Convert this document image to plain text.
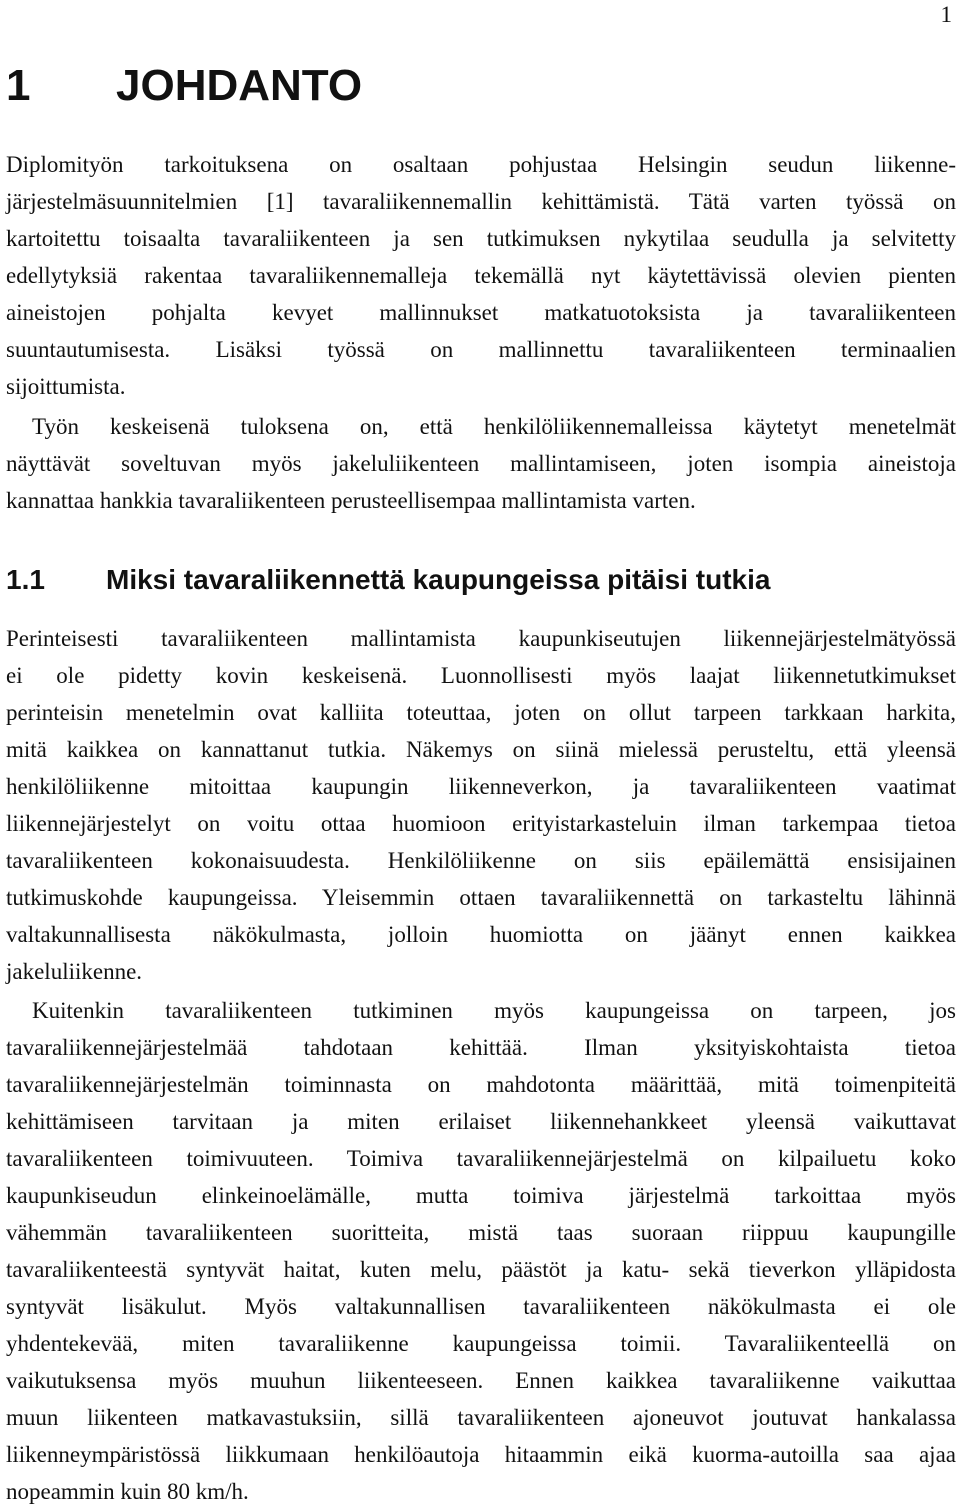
1
1 JOHDANTO

Diplomityön tarkoituksena on osaltaan pohjustaa Helsingin seudun liikenne-
järjestelmäsuunnitelmien [1] tavaraliikennemallin kehittämistä. Tätä varten työssä on
kartoitettu toisaalta tavaraliikenteen ja sen tutkimuksen nykytilaa seudulla ja selvitetty
edellytyksiä rakentaa tavaraliikennemalleja tekemällä nyt käytettävissä olevien pienten
aineistojen pohjalta kevyet mallinnukset matkatuotoksista ja tavaraliikenteen
suuntautumisesta. Lisäksi työssä on mallinnettu tavaraliikenteen terminaalien
sijoittumista.

Työn keskeisenä tuloksena on, että henkilöliikennemalleissa käytetyt menetelmät
näyttävät soveltuvan myös jakeluliikenteen mallintamiseen, joten isompia aineistoja
kannattaa hankkia tavaraliikenteen perusteellisempaa mallintamista varten.

1.1 Miksi tavaraliikennettä kaupungeissa pitäisi tutkia

Perinteisesti tavaraliikenteen mallintamista kaupunkiseutujen liikennejärjestelmätyössä
ei ole pidetty kovin keskeisenä. Luonnollisesti myös laajat liikennetutkimukset
perinteisin menetelmin ovat kalliita toteuttaa, joten on ollut tarpeen tarkkaan harkita,
mitä kaikkea on kannattanut tutkia. Näkemys on siinä mielessä perusteltu, että yleensä
henkilöliikenne mitoittaa kaupungin liikenneverkon, ja tavaraliikenteen vaatimat
liikennejärjestelyt on voitu ottaa huomioon erityistarkasteluin ilman tarkempaa tietoa
tavaraliikenteen kokonaisuudesta. Henkilöliikenne on siis epäilemättä ensisijainen
tutkimuskohde kaupungeissa. Yleisemmin ottaen tavaraliikennettä on tarkasteltu lähinnä
valtakunnallisesta näkökulmasta, jolloin huomiotta on jäänyt ennen kaikkea
jakeluliikenne.

Kuitenkin tavaraliikenteen tutkiminen myös kaupungeissa on tarpeen, jos
tavaraliikennejärjestelmää tahdotaan kehittää. Ilman yksityiskohtaista tietoa
tavaraliikennejärjestelmän toiminnasta on mahdotonta määrittää, mitä toimenpiteitä
kehittämiseen tarvitaan ja miten erilaiset liikennehankkeet yleensä vaikuttavat
tavaraliikenteen toimivuuteen. Toimiva tavaraliikennejärjestelmä on kilpailuetu koko
kaupunkiseudun elinkeinoelämälle, mutta toimiva järjestelmä tarkoittaa myös
vähemmän tavaraliikenteen suoritteita, mistä taas suoraan riippuu kaupungille
tavaraliikenteestä syntyvät haitat, kuten melu, päästöt ja katu- sekä tieverkon ylläpidosta
syntyvät lisäkulut. Myös valtakunnallisen tavaraliikenteen näkökulmasta ei ole
yhdentekevää, miten tavaraliikenne kaupungeissa toimii. Tavaraliikenteellä on
vaikutuksensa myös muuhun liikenteeseen. Ennen kaikkea tavaraliikenne vaikuttaa
muun liikenteen matkavastuksiin, sillä tavaraliikenteen ajoneuvot joutuvat hankalassa
liikenneympäristössä liikkumaan henkilöautoja hitaammin eikä kuorma-autoilla saa ajaa
nopeammin kuin 80 km/h.
